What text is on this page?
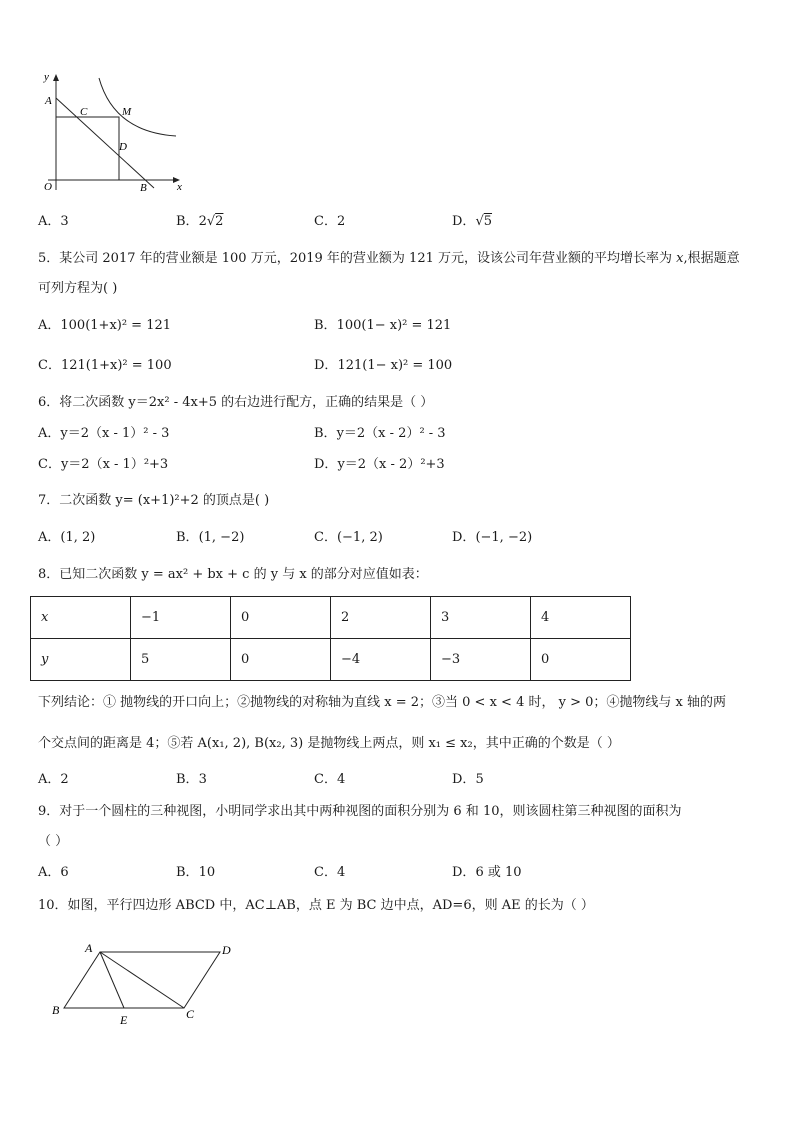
y
A
C	M
D
O	B	x
A．3	B．2√2	C．2	D．√5
5．某公司 2017 年的营业额是 100 万元，2019 年的营业额为 121 万元，设该公司年营业额的平均增长率为 x,根据题意
可列方程为( )
A．100(1+x)² = 121	B．100(1− x)² = 121
C．121(1+x)² = 100	D．121(1− x)² = 100
6．将二次函数 y＝2x² - 4x+5 的右边进行配方，正确的结果是（ ）
A．y＝2（x - 1）² - 3	B．y＝2（x - 2）² - 3
C．y＝2（x - 1）²+3	D．y＝2（x - 2）²+3
7．二次函数 y= (x+1)²+2 的顶点是( )
A．(1, 2)	B．(1, −2)	C．(−1, 2)	D．(−1, −2)
8．已知二次函数 y = ax² + bx + c 的 y 与 x 的部分对应值如表：
x	−1	0	2	3	4
y	5	0	−4	−3	0
下列结论：① 抛物线的开口向上；②抛物线的对称轴为直线 x = 2；③当 0 < x < 4 时， y > 0；④抛物线与 x 轴的两
个交点间的距离是 4；⑤若 A(x₁, 2), B(x₂, 3) 是抛物线上两点，则 x₁ ≤ x₂，其中正确的个数是（ ）
A．2	B．3	C．4	D．5
9．对于一个圆柱的三种视图，小明同学求出其中两种视图的面积分别为 6 和 10，则该圆柱第三种视图的面积为
（ ）
A．6	B．10	C．4	D．6 或 10
10．如图，平行四边形 ABCD 中，AC⊥AB，点 E 为 BC 边中点，AD=6，则 AE 的长为（ ）
A	D
B
E	C
